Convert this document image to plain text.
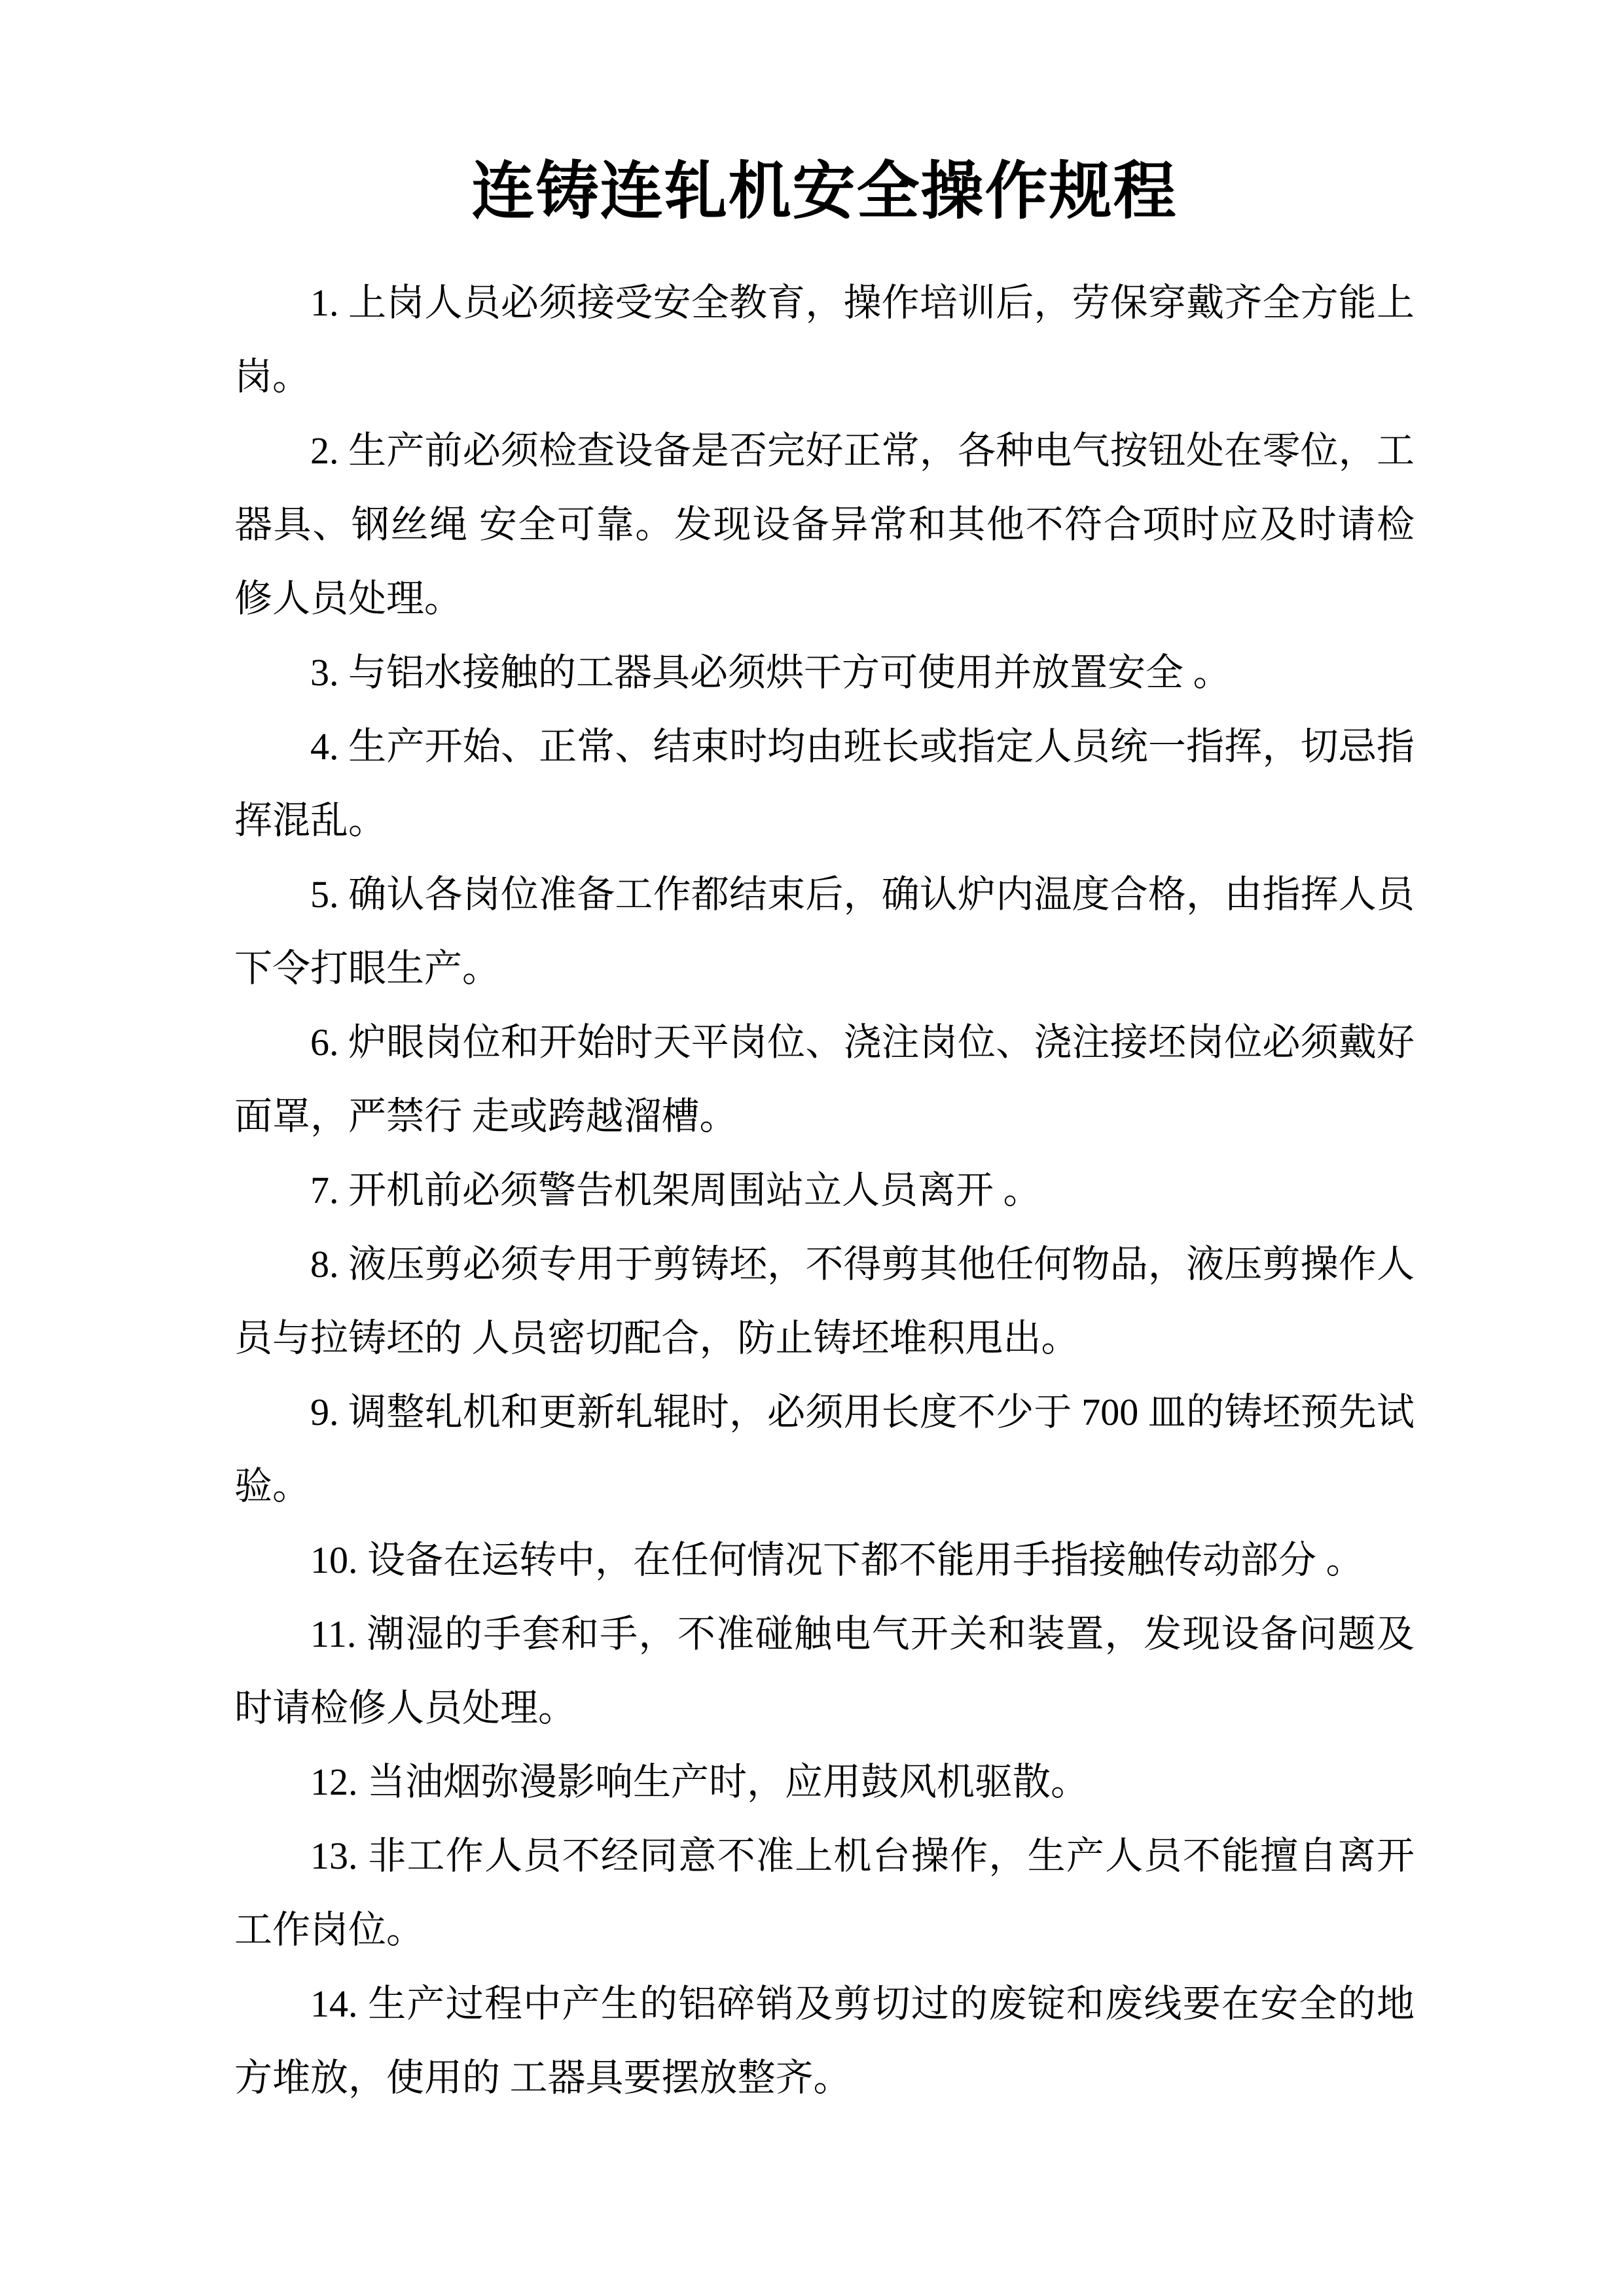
连铸连轧机安全操作规程

1. 上岗人员必须接受安全教育，操作培训后，劳保穿戴齐全方能上岗。

2. 生产前必须检查设备是否完好正常，各种电气按钮处在零位，工器具、钢丝绳 安全可靠。发现设备异常和其他不符合项时应及时请检修人员处理。

3. 与铝水接触的工器具必须烘干方可使用并放置安全 。

4. 生产开始、正常、结束时均由班长或指定人员统一指挥，切忌指挥混乱。

5. 确认各岗位准备工作都结束后，确认炉内温度合格，由指挥人员下令打眼生产。

6. 炉眼岗位和开始时天平岗位、浇注岗位、浇注接坯岗位必须戴好面罩，严禁行 走或跨越溜槽。

7. 开机前必须警告机架周围站立人员离开 。

8. 液压剪必须专用于剪铸坯，不得剪其他任何物品，液压剪操作人员与拉铸坯的 人员密切配合，防止铸坯堆积甩出。

9. 调整轧机和更新轧辊时，必须用长度不少于 700 皿的铸坯预先试验。

10. 设备在运转中，在任何情况下都不能用手指接触传动部分 。

11. 潮湿的手套和手，不准碰触电气开关和装置，发现设备问题及时请检修人员处理。

12. 当油烟弥漫影响生产时，应用鼓风机驱散。

13. 非工作人员不经同意不准上机台操作，生产人员不能擅自离开工作岗位。

14. 生产过程中产生的铝碎销及剪切过的废锭和废线要在安全的地方堆放，使用的 工器具要摆放整齐。
